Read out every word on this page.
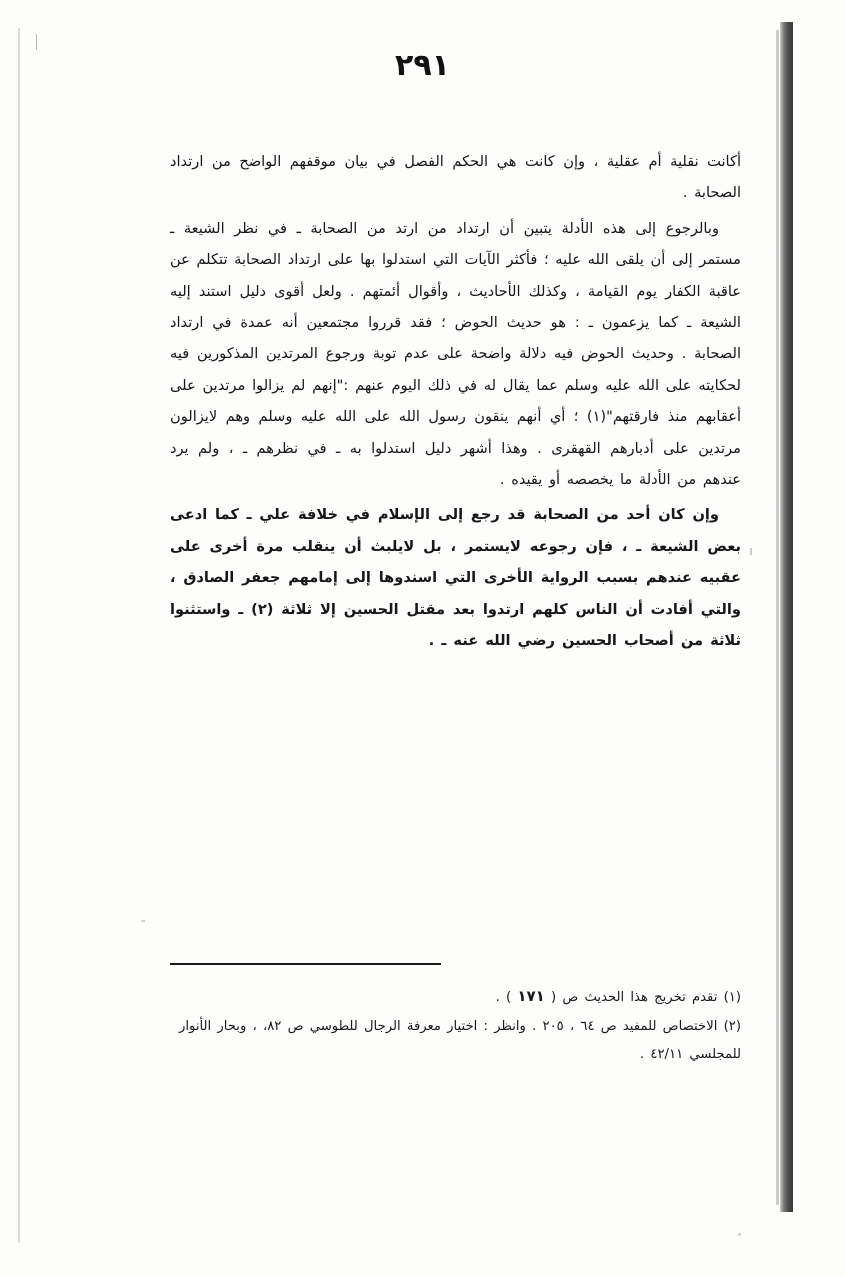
٢٩١

أكانت نقلية أم عقلية ، وإن كانت هي الحكم الفصل في بيان موقفهم الواضح من ارتداد الصحابة .

وبالرجوع إلى هذه الأدلة يتبين أن ارتداد من ارتد من الصحابة ـ في نظر الشيعة ـ مستمر إلى أن يلقى الله عليه ؛ فأكثر الآيات التي استدلوا بها على ارتداد الصحابة تتكلم عن عاقبة الكفار يوم القيامة ، وكذلك الأحاديث ، وأقوال أئمتهم . ولعل أقوى دليل استند إليه الشيعة ـ كما يزعمون ـ : هو حديث الحوض ؛ فقد قرروا مجتمعين أنه عمدة في ارتداد الصحابة . وحديث الحوض فيه دلالة واضحة على عدم توبة ورجوع المرتدين المذكورين فيه لحكايته على الله عليه وسلم عما يقال له في ذلك اليوم عنهم :"إنهم لم يزالوا مرتدين على أعقابهم منذ فارقتهم"(١) ؛ أي أنهم ينقون رسول الله على الله عليه وسلم وهم لايزالون مرتدين على أدبارهم القهقرى . وهذا أشهر دليل استدلوا به ـ في نظرهم ـ ، ولم يرد عندهم من الأدلة ما يخصصه أو يقيده .

وإن كان أحد من الصحابة قد رجع إلى الإسلام في خلافة علي ـ كما ادعى بعض الشيعة ـ ، فإن رجوعه لايستمر ، بل لايلبث أن ينقلب مرة أخرى على عقبيه عندهم بسبب الرواية الأخرى التي اسندوها إلى إمامهم جعفر الصادق ، والتي أفادت أن الناس كلهم ارتدوا بعد مقتل الحسين إلا ثلاثة (٢) ـ واستثنوا ثلاثة من أصحاب الحسين رضي الله عنه ـ .

(١) تقدم تخريج هذا الحديث ص ( ١٧١ ) .

(٢) الاختصاص للمفيد ص ٦٤ ، ٢٠٥ . وانظر : اختيار معرفة الرجال للطوسي ص ٨٢، ، وبحار الأنوار للمجلسي ٤٢/١١ .
